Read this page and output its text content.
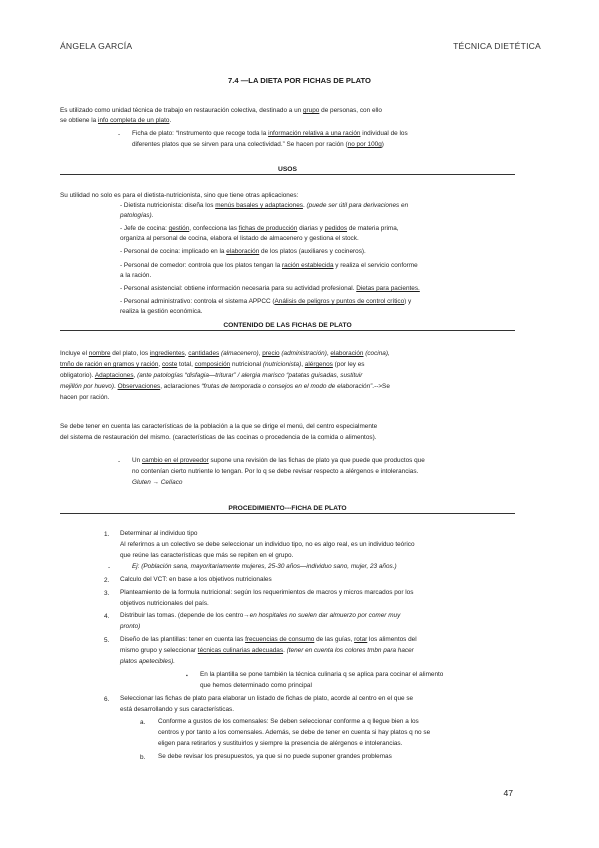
ÁNGELA GARCÍA	TÉCNICA DIETÉTICA
7.4 —LA DIETA POR FICHAS DE PLATO
Es utilizado como unidad técnica de trabajo en restauración colectiva, destinado a un grupo de personas, con ello
se obtiene la info completa de un plato.
- Ficha de plato: “Instrumento que recoge toda la información relativa a una ración individual de los
diferentes platos que se sirven para una colectividad.” Se hacen por ración (no por 100g)
USOS
Su utilidad no solo es para el dietista-nutricionista, sino que tiene otras aplicaciones:
- Dietista nutricionista: diseña los menús basales y adaptaciones. (puede ser útil para derivaciones en
patologías).
- Jefe de cocina: gestión, confecciona las fichas de producción diarias y pedidos de materia prima,
organiza al personal de cocina, elabora el listado de almacenero y gestiona el stock.
- Personal de cocina: implicado en la elaboración de los platos (auxiliares y cocineros).
- Personal de comedor: controla que los platos tengan la ración establecida y realiza el servicio conforme
a la ración.
- Personal asistencial: obtiene información necesaria para su actividad profesional. Dietas para pacientes.
- Personal administrativo: controla el sistema APPCC (Análisis de peligros y puntos de control crítico) y
realiza la gestión económica.
CONTENIDO DE LAS FICHAS DE PLATO
Incluye el nombre del plato, los ingredientes, cantidades (almacenero), precio (administración), elaboración (cocina),
tmño de ración en gramos y ración, coste total, composición nutricional (nutricionista), alérgenos (por ley es
obligatorio). Adaptaciones, (ante patologías “disfagia—triturar” / alergia marisco “patatas guisadas, sustituir
mejillón por huevo). Observaciones, aclaraciones “frutas de temporada o consejos en el modo de elaboración”.-->Se
hacen por ración.
Se debe tener en cuenta las características de la población a la que se dirige el menú, del centro especialmente
del sistema de restauración del mismo. (características de las cocinas o procedencia de la comida o alimentos).
- Un cambio en el proveedor supone una revisión de las fichas de plato ya que puede que productos que
no contenían cierto nutriente lo tengan. Por lo q se debe revisar respecto a alérgenos e intolerancias.
Gluten → Celíaco
PROCEDIMIENTO---FICHA DE PLATO
1. Determinar al individuo tipo
Al referirnos a un colectivo se debe seleccionar un individuo tipo, no es algo real, es un individuo teórico
que reúne las características que más se repiten en el grupo.
-	Ej: (Población sana, mayoritariamente mujeres, 25-30 años—individuo sano, mujer, 23 años.)
2. Calculo del VCT: en base a los objetivos nutricionales
3. Planteamiento de la formula nutricional: según los requerimientos de macros y micros marcados por los
objetivos nutricionales del país.
4. Distribuir las tomas. (depende de los centro→en hospitales no suelen dar almuerzo por comer muy
pronto)
5. Diseño de las plantillas: tener en cuenta las frecuencias de consumo de las guías, rotar los alimentos del
mismo grupo y seleccionar técnicas culinarias adecuadas. (tener en cuenta los colores tmbn para hacer
platos apetecibles).
▪ En la plantilla se pone también la técnica culinaria q se aplica para cocinar el alimento
que hemos determinado como principal
6. Seleccionar las fichas de plato para elaborar un listado de fichas de plato, acorde al centro en el que se
está desarrollando y sus características.
a. Conforme a gustos de los comensales: Se deben seleccionar conforme a q llegue bien a los
centros y por tanto a los comensales. Además, se debe de tener en cuenta si hay platos q no se
eligen para retirarlos y sustituirlos y siempre la presencia de alérgenos e intolerancias.
b. Se debe revisar los presupuestos, ya que si no puede suponer grandes problemas
47
